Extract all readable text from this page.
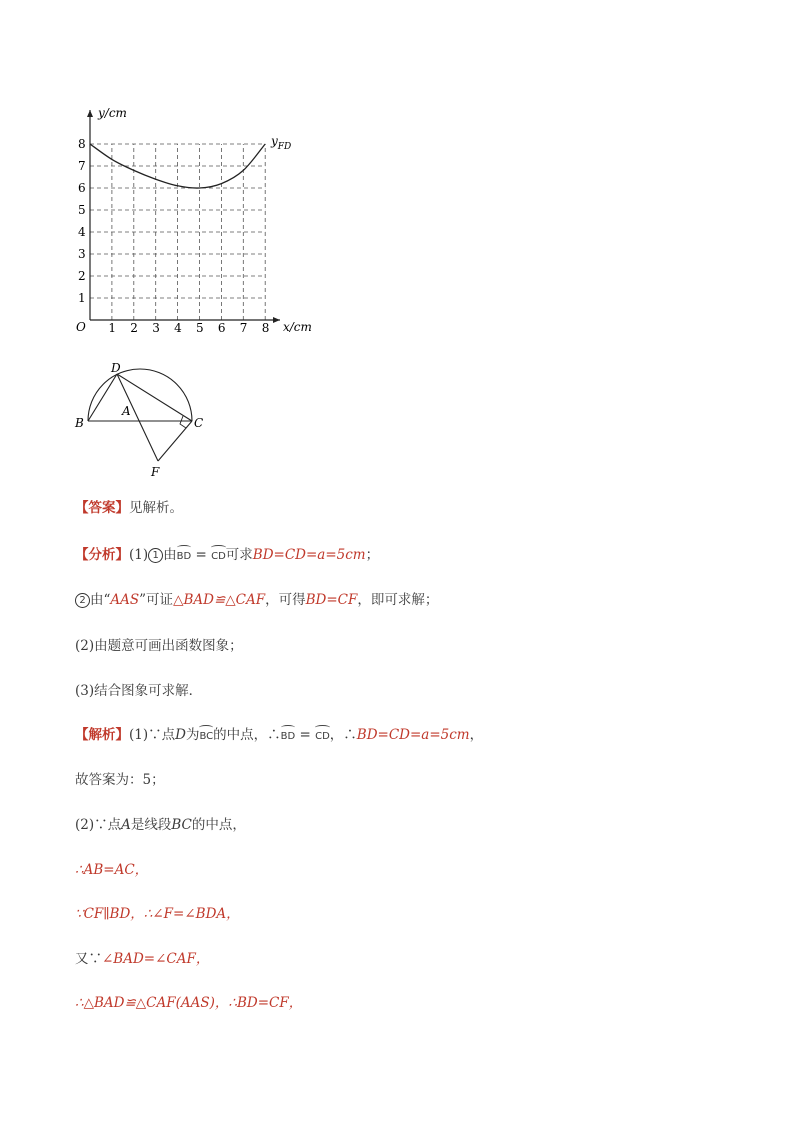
1 2 3 4 5 6 7 8
1
2
3
4
5
6
7
8
y/cm
x/cm
O
$y_{FD}$
D
A
B	C
F
【答案】见解析。
【分析】(1) 1 由BD = CD可求BD=CD=a=5cm；
2 由“AAS”可证△BAD≌△CAF，可得BD=CF，即可求解；
(2)由题意可画出函数图象；
(3)结合图象可求解．
【解析】(1)∵点D为BC的中点，∴BD = CD，∴BD=CD=a=5cm，
故答案为：5；
(2)∵点A是线段BC的中点，
∴AB=AC，
∵CF∥BD，∴∠F=∠BDA，
又∵∠BAD=∠CAF，
∴△BAD≌△CAF(AAS)，∴BD=CF，
